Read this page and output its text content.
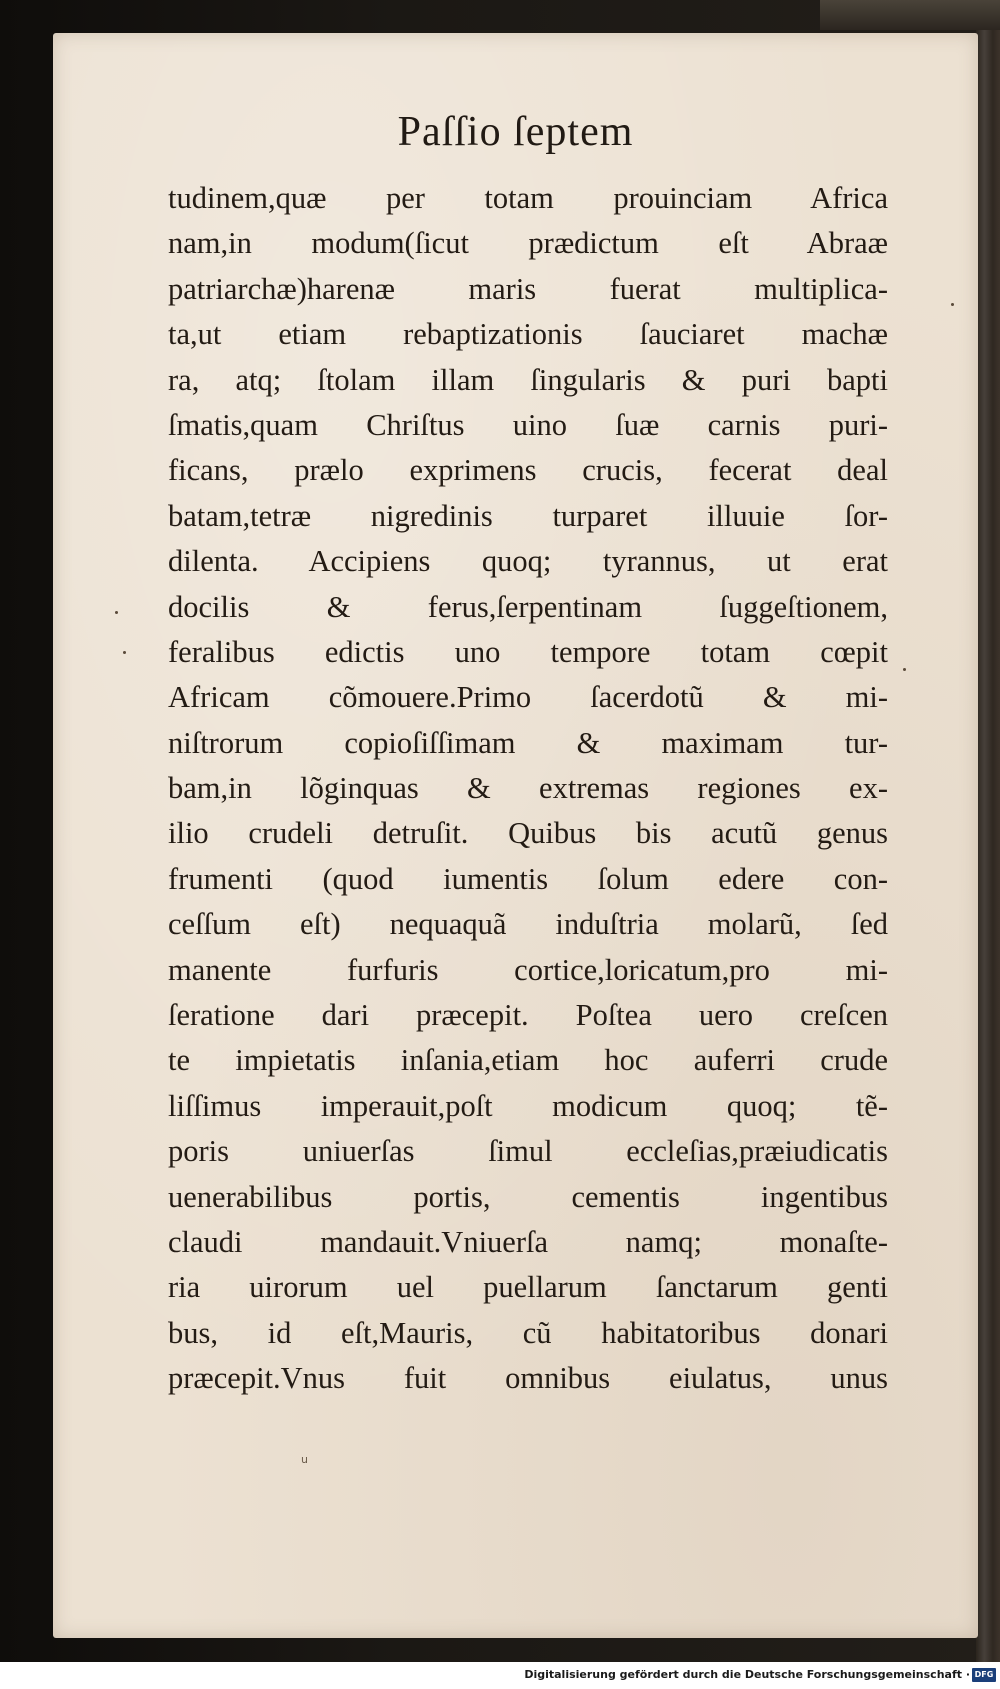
Paſſio ſeptem
tudinem,quæ per totam prouinciam Africa
nam,in modum(ſicut prædictum eſt Abraæ
patriarchæ)harenæ maris fuerat multiplica-
ta,ut etiam rebaptizationis ſauciaret machæ
ra, atq; ſtolam illam ſingularis & puri bapti
ſmatis,quam Chriſtus uino ſuæ carnis puri-
ficans, prælo exprimens crucis, fecerat deal
batam,tetræ nigredinis turparet illuuie ſor-
dilenta. Accipiens quoq; tyrannus, ut erat
docilis & ferus,ſerpentinam ſuggeſtionem,
feralibus edictis uno tempore totam cœpit
Africam cõmouere.Primo ſacerdotũ & mi-
niſtrorum copioſiſſimam & maximam tur-
bam,in lõginquas & extremas regiones ex-
ilio crudeli detruſit. Quibus bis acutũ genus
frumenti (quod iumentis ſolum edere con-
ceſſum eſt) nequaquã induſtria molarũ, ſed
manente furfuris cortice,loricatum,pro mi-
ſeratione dari præcepit. Poſtea uero creſcen
te impietatis inſania,etiam hoc auferri crude
liſſimus imperauit,poſt modicum quoq; tẽ-
poris uniuerſas ſimul eccleſias,præiudicatis
uenerabilibus portis, cementis ingentibus
claudi mandauit.Vniuerſa namq; monaſte-
ria uirorum uel puellarum ſanctarum genti
bus, id eſt,Mauris, cũ habitatoribus donari
præcepit.Vnus fuit omnibus eiulatus, unus
u
Digitalisierung gefördert durch die Deutsche Forschungsgemeinschaft · DFG
